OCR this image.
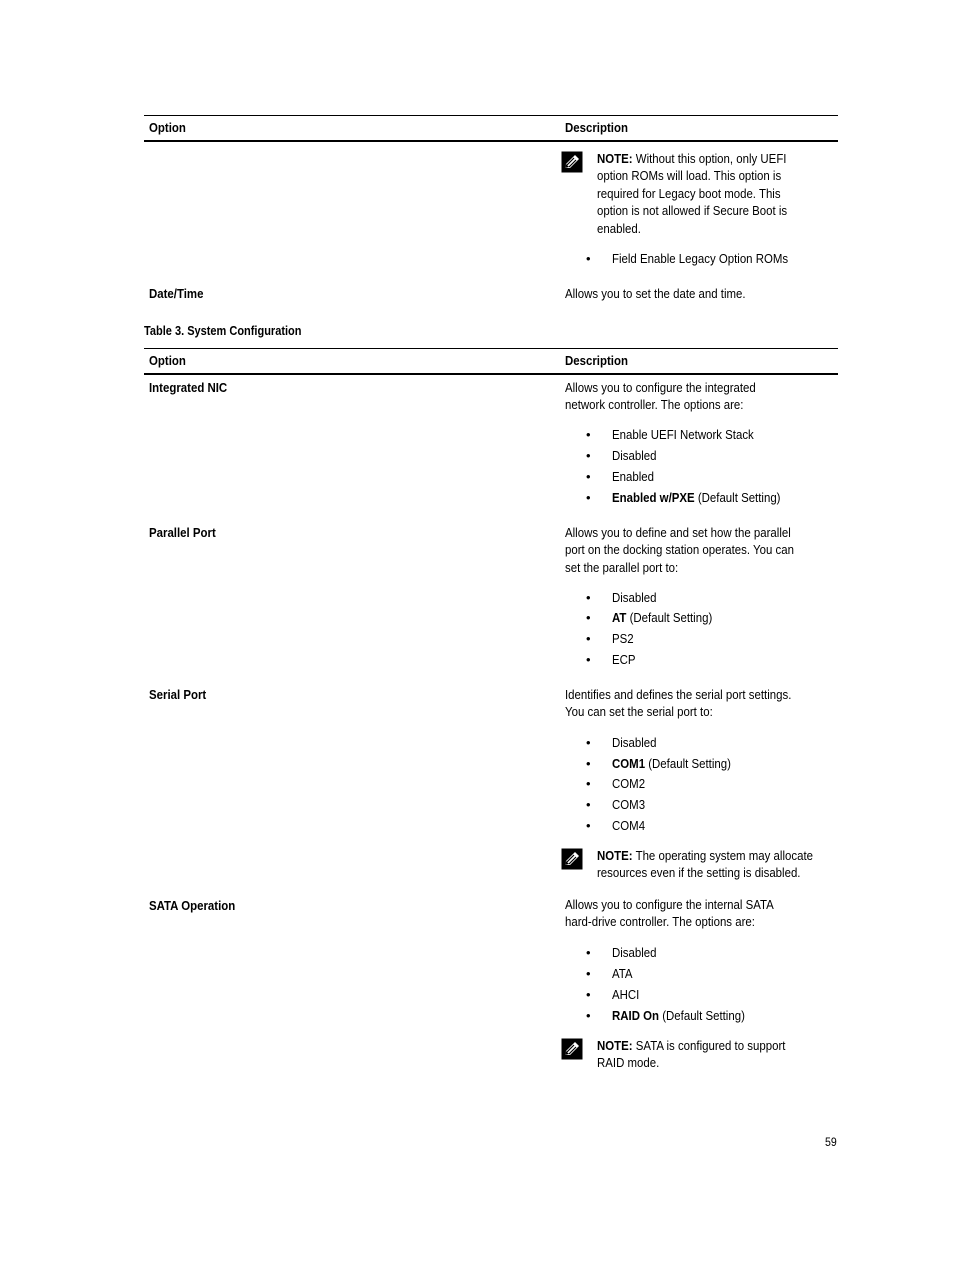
Option	Description
NOTE: Without this option, only UEFI
option ROMs will load. This option is
required for Legacy boot mode. This
option is not allowed if Secure Boot is
enabled.
• Field Enable Legacy Option ROMs
Date/Time	Allows you to set the date and time.
Table 3. System Configuration
Option	Description
Integrated NIC	Allows you to configure the integrated
network controller. The options are:
• Enable UEFI Network Stack
• Disabled
• Enabled
• Enabled w/PXE (Default Setting)
Parallel Port	Allows you to define and set how the parallel
port on the docking station operates. You can
set the parallel port to:
• Disabled
• AT (Default Setting)
• PS2
• ECP
Serial Port	Identifies and defines the serial port settings.
You can set the serial port to:
• Disabled
• COM1 (Default Setting)
• COM2
• COM3
• COM4
NOTE: The operating system may allocate
resources even if the setting is disabled.
SATA Operation	Allows you to configure the internal SATA
hard-drive controller. The options are:
• Disabled
• ATA
• AHCI
• RAID On (Default Setting)
NOTE: SATA is configured to support
RAID mode.
59
